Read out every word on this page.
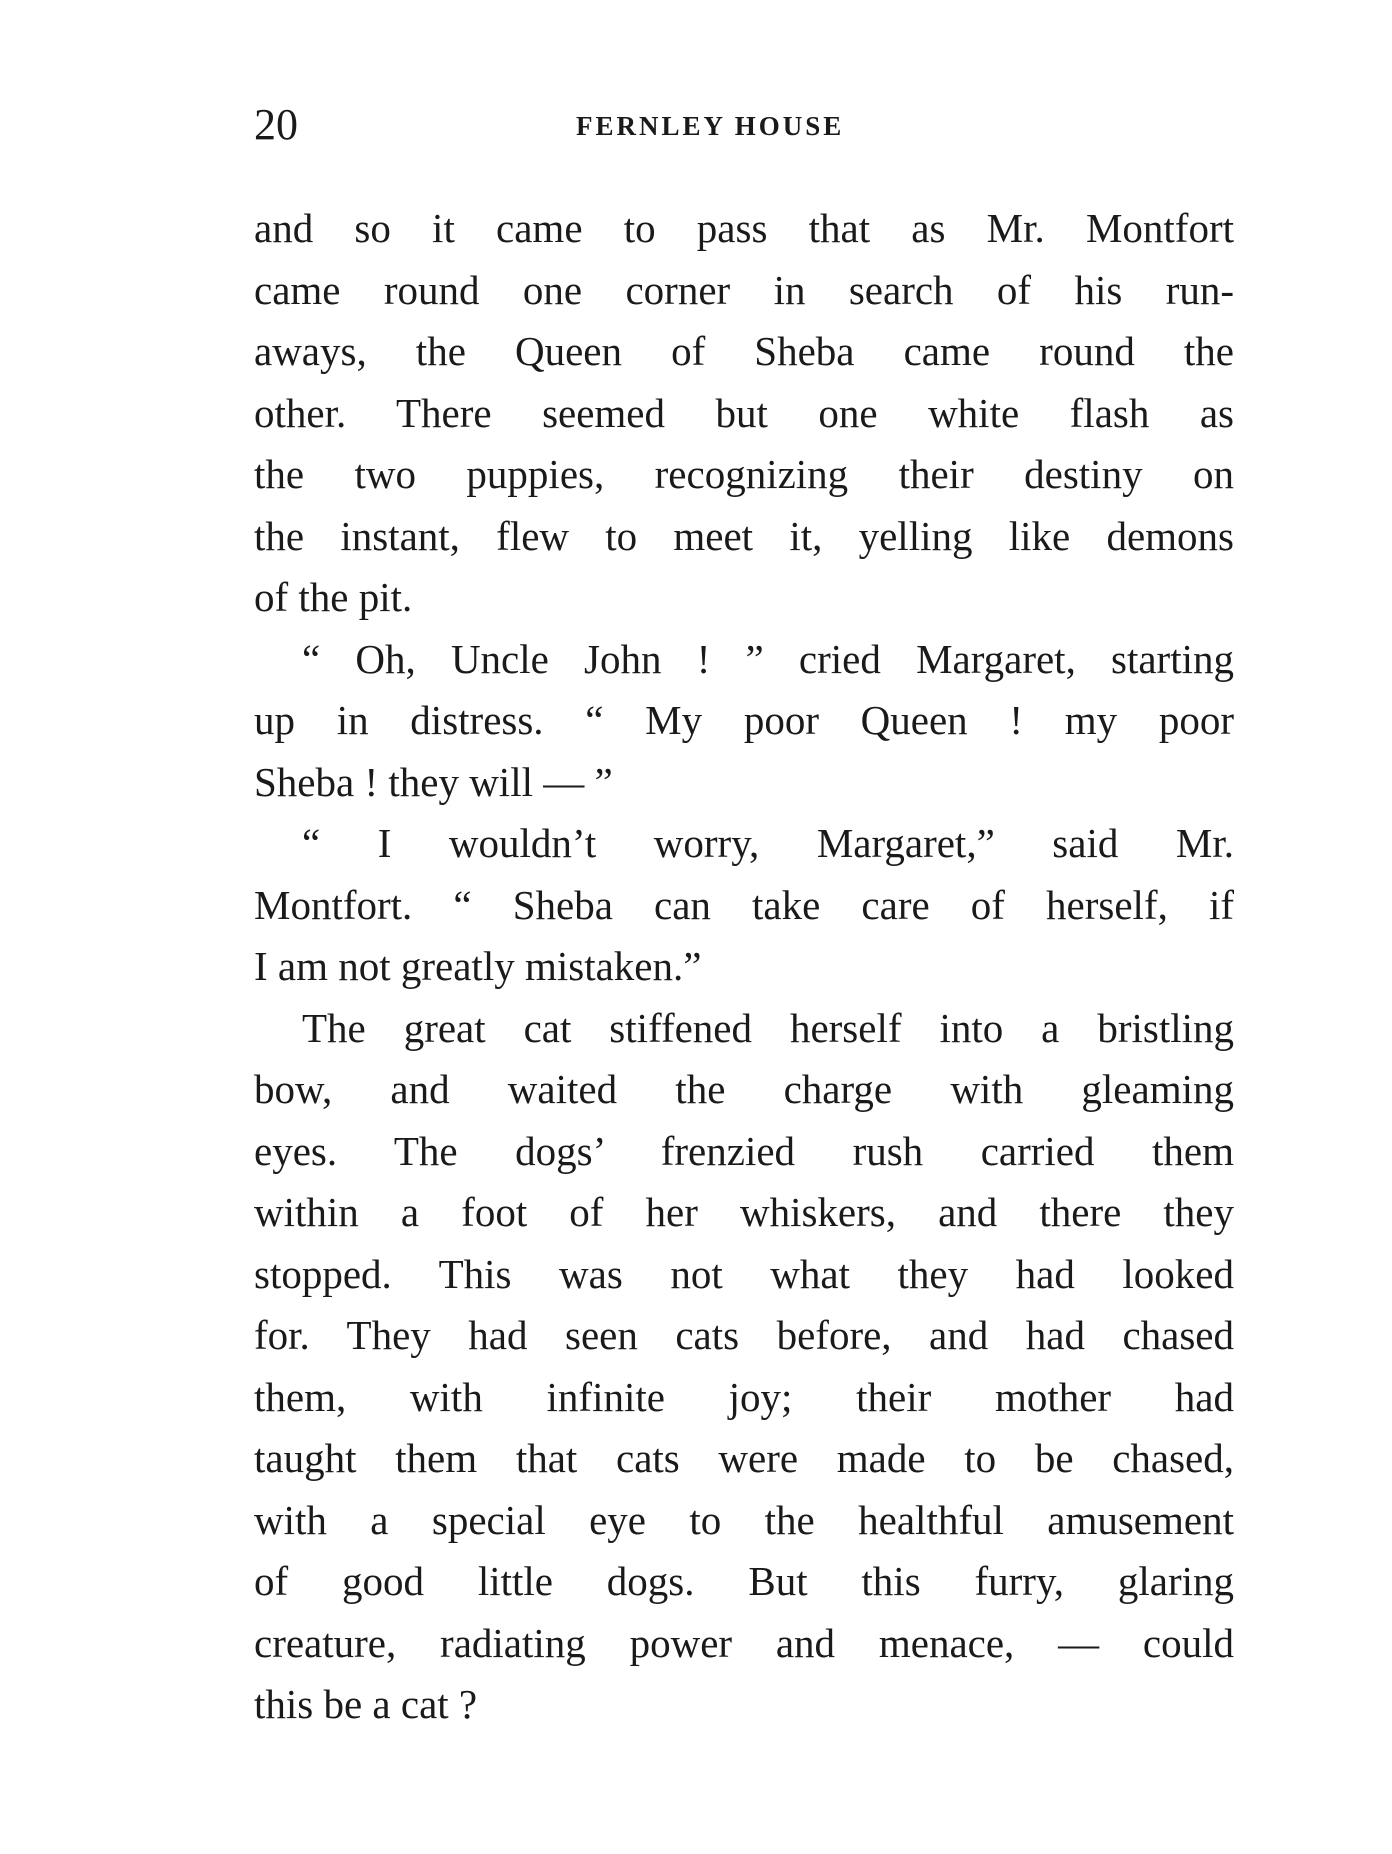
20	FERNLEY HOUSE
and so it came to pass that as Mr. Montfort
came round one corner in search of his run-
aways, the Queen of Sheba came round the
other. There seemed but one white flash as
the two puppies, recognizing their destiny on
the instant, flew to meet it, yelling like demons
of the pit.
“ Oh, Uncle John ! ” cried Margaret, starting
up in distress. “ My poor Queen ! my poor
Sheba ! they will — ”
“ I wouldn’t worry, Margaret,” said Mr.
Montfort. “ Sheba can take care of herself, if
I am not greatly mistaken.”
The great cat stiffened herself into a bristling
bow, and waited the charge with gleaming
eyes. The dogs’ frenzied rush carried them
within a foot of her whiskers, and there they
stopped. This was not what they had looked
for. They had seen cats before, and had chased
them, with infinite joy; their mother had
taught them that cats were made to be chased,
with a special eye to the healthful amusement
of good little dogs. But this furry, glaring
creature, radiating power and menace, — could
this be a cat ?
